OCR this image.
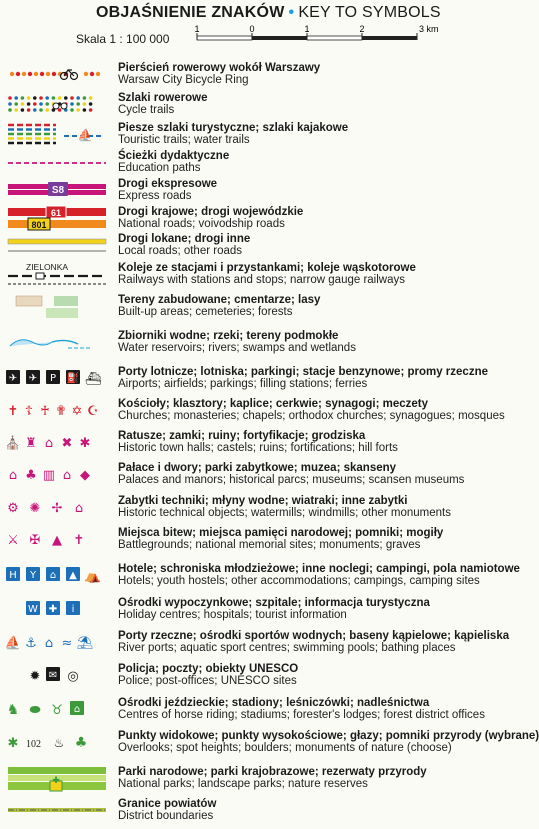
OBJAŚNIENIE ZNAKÓW • KEY TO SYMBOLS
Skala 1 : 100 000
1	0	1	2	3 km
Pierścień rowerowy wokół Warszawy
Warsaw City Bicycle Ring
Szlaki rowerowe
Cycle trails
⛵ Piesze szlaki turystyczne; szlaki kajakowe
Touristic trails; water trails
Ścieżki dydaktyczne
Education paths
S8
Drogi ekspresowe
Express roads
61
801
Drogi krajowe; drogi wojewódzkie
National roads; voivodship roads
Drogi lokane; drogi inne
Local roads; other roads
ZIELONKA	Koleje ze stacjami i przystankami; koleje wąskotorowe
Railways with stations and stops; narrow gauge railways
Tereny zabudowane; cmentarze; lasy
Built-up areas; cemeteries; forests
Zbiorniki wodne; rzeki; tereny podmokłe
Water reservoirs; rivers; swamps and wetlands
✈ ✈ P ⛽ ⛴ Porty lotnicze; lotniska; parkingi; stacje benzynowe; promy rzeczne
Airports; airfields; parkings; filling stations; ferries
✝ ☦ ♰ ✟ ✡ ☪ Kościoły; klasztory; kaplice; cerkwie; synagogi; meczety
Churches; monasteries; chapels; orthodox churches; synagogues; mosques
⛪ ♜ ⌂ ✖ ✱ Ratusze; zamki; ruiny; fortyfikacje; grodziska
Historic town halls; castels; ruins; fortifications; hill forts
⌂ ♣ ▥ ⌂ ◆ Pałace i dwory; parki zabytkowe; muzea; skanseny
Palaces and manors; historical parcs; museums; scansen museums
⚙ ✺ ✢ ⌂	Zabytki techniki; młyny wodne; wiatraki; inne zabytki
Historic technical objects; watermills; windmills; other monuments
⚔ ✠ ▲ ✝	Miejsca bitew; miejsca pamięci narodowej; pomniki; mogiły
Battlegrounds; national memorial sites; monuments; graves
H Y ⌂ ▲ ⛺ Hotele; schroniska młodzieżowe; inne noclegi; campingi, pola namiotowe
Hotels; youth hostels; other accommodations; campings, camping sites
W ✚ i
Ośrodki wypoczynkowe; szpitale; informacja turystyczna
Holiday centres; hospitals; tourist information
⛵ ⚓ ⌂ ≈ ⛱ Porty rzeczne; ośrodki sportów wodnych; baseny kąpielowe; kąpieliska
River ports; aquatic sport centres; swimming pools; bathing places
✹ ✉ ◎	Policja; poczty; obiekty UNESCO
Police; post-offices; UNESCO sites
♞ ⬬ ♉ ⌂
Ośrodki jeździeckie; stadiony; leśniczówki; nadleśnictwa
Centres of horse riding; stadiums; forester's lodges; forest district offices
✱ 102 ♨ ♣	Punkty widokowe; punkty wysokościowe; głazy; pomniki przyrody (wybrane)
Overlooks; spot heights; boulders; monuments of nature (choose)
✚
Parki narodowe; parki krajobrazowe; rezerwaty przyrody
National parks; landscape parks; nature reserves
Granice powiatów
District boundaries
